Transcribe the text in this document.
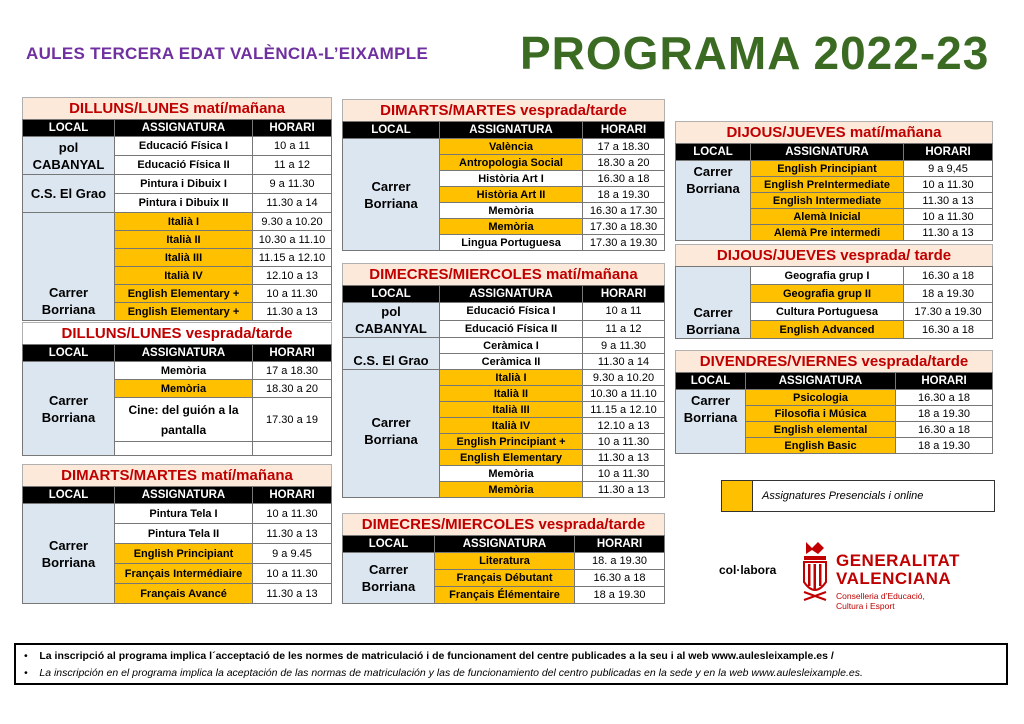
AULES TERCERA EDAT VALÈNCIA-L’EIXAMPLE PROGRAMA 2022-23
DILLUNS/LUNES matí/mañana
LOCAL	ASSIGNATURA	HORARI
pol CABANYAL	Educació Física I	10 a 11
	Educació Física II	11 a 12
C.S. El Grao	Pintura i Dibuix I	9 a 11.30
	Pintura i Dibuix II	11.30 a 14
Carrer Borriana	Italià I	9.30 a 10.20
	Italià II	10.30 a 11.10
	Italià III	11.15 a 12.10
	Italià IV	12.10 a 13
	English Elementary +	10 a 11.30
	English Elementary +	11.30 a 13
DILLUNS/LUNES vesprada/tarde
LOCAL	ASSIGNATURA	HORARI
Carrer Borriana	Memòria	17 a 18.30
	Memòria	18.30 a 20
	Cine: del guión a la pantalla	17.30 a 19

DIMARTS/MARTES matí/mañana
LOCAL	ASSIGNATURA	HORARI
Carrer Borriana	Pintura Tela I	10 a 11.30
	Pintura Tela II	11.30 a 13
	English Principiant	9 a 9.45
	Français Intermédiaire	10 a 11.30
	Français Avancé	11.30 a 13
DIMARTS/MARTES vesprada/tarde
LOCAL	ASSIGNATURA	HORARI
Carrer Borriana	València	17 a 18.30
	Antropologia Social	18.30 a 20
	Història Art I	16.30 a 18
	Història Art II	18 a 19.30
	Memòria	16.30 a 17.30
	Memòria	17.30 a 18.30
	Lingua Portuguesa	17.30 a 19.30
DIMECRES/MIERCOLES matí/mañana
LOCAL	ASSIGNATURA	HORARI
pol CABANYAL	Educació Física I	10 a 11
	Educació Física II	11 a 12
C.S. El Grao	Ceràmica I	9 a 11.30
	Ceràmica II	11.30 a 14
Carrer Borriana	Italià I	9.30 a 10.20
	Italià II	10.30 a 11.10
	Italià III	11.15 a 12.10
	Italià IV	12.10 a 13
	English Principiant +	10 a 11.30
	English Elementary	11.30 a 13
	Memòria	10 a 11.30
	Memòria	11.30 a 13
DIMECRES/MIERCOLES vesprada/tarde
LOCAL	ASSIGNATURA	HORARI
Carrer Borriana	Literatura	18. a 19.30
	Français Débutant	16.30 a 18
	Français Élémentaire	18 a 19.30
DIJOUS/JUEVES matí/mañana
LOCAL	ASSIGNATURA	HORARI
Carrer Borriana	English Principiant	9 a 9,45
	English PreIntermediate	10 a 11.30
	English Intermediate	11.30 a 13
	Alemà Inicial	10 a 11.30
	Alemà Pre intermedi	11.30 a 13
DIJOUS/JUEVES vesprada/ tarde
Carrer Borriana	Geografia grup I	16.30 a 18
	Geografia grup II	18 a 19.30
	Cultura Portuguesa	17.30 a 19.30
	English Advanced	16.30 a 18
DIVENDRES/VIERNES vesprada/tarde
LOCAL	ASSIGNATURA	HORARI
Carrer Borriana	Psicologia	16.30 a 18
	Filosofia i Música	18 a 19.30
	English elemental	16.30 a 18
	English Basic	18 a 19.30
Assignatures Presencials i online
col·labora	GENERALITAT
VALENCIANA
Conselleria d’Educació,
Cultura i Esport
•    La inscripció al programa implica l´acceptació de les normes de matriculació i de funcionament del centre publicades a la seu i al web www.aulesleixample.es /
•    La inscripción en el programa implica la aceptación de las normas de matriculación y las de funcionamiento del centro publicadas en la sede y en la web www.aulesleixample.es.
